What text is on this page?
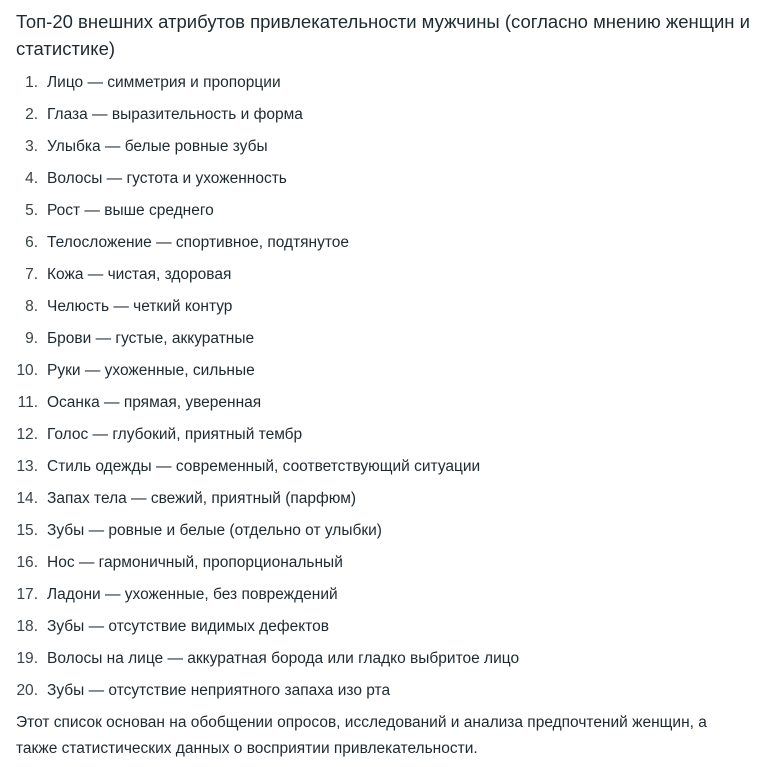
Топ-20 внешних атрибутов привлекательности мужчины (согласно мнению женщин и статистике)
1. Лицо — симметрия и пропорции
2. Глаза — выразительность и форма
3. Улыбка — белые ровные зубы
4. Волосы — густота и ухоженность
5. Рост — выше среднего
6. Телосложение — спортивное, подтянутое
7. Кожа — чистая, здоровая
8. Челюсть — четкий контур
9. Брови — густые, аккуратные
10. Руки — ухоженные, сильные
11. Осанка — прямая, уверенная
12. Голос — глубокий, приятный тембр
13. Стиль одежды — современный, соответствующий ситуации
14. Запах тела — свежий, приятный (парфюм)
15. Зубы — ровные и белые (отдельно от улыбки)
16. Нос — гармоничный, пропорциональный
17. Ладони — ухоженные, без повреждений
18. Зубы — отсутствие видимых дефектов
19. Волосы на лице — аккуратная борода или гладко выбритое лицо
20. Зубы — отсутствие неприятного запаха изо рта

Этот список основан на обобщении опросов, исследований и анализа предпочтений женщин, а также статистических данных о восприятии привлекательности.
